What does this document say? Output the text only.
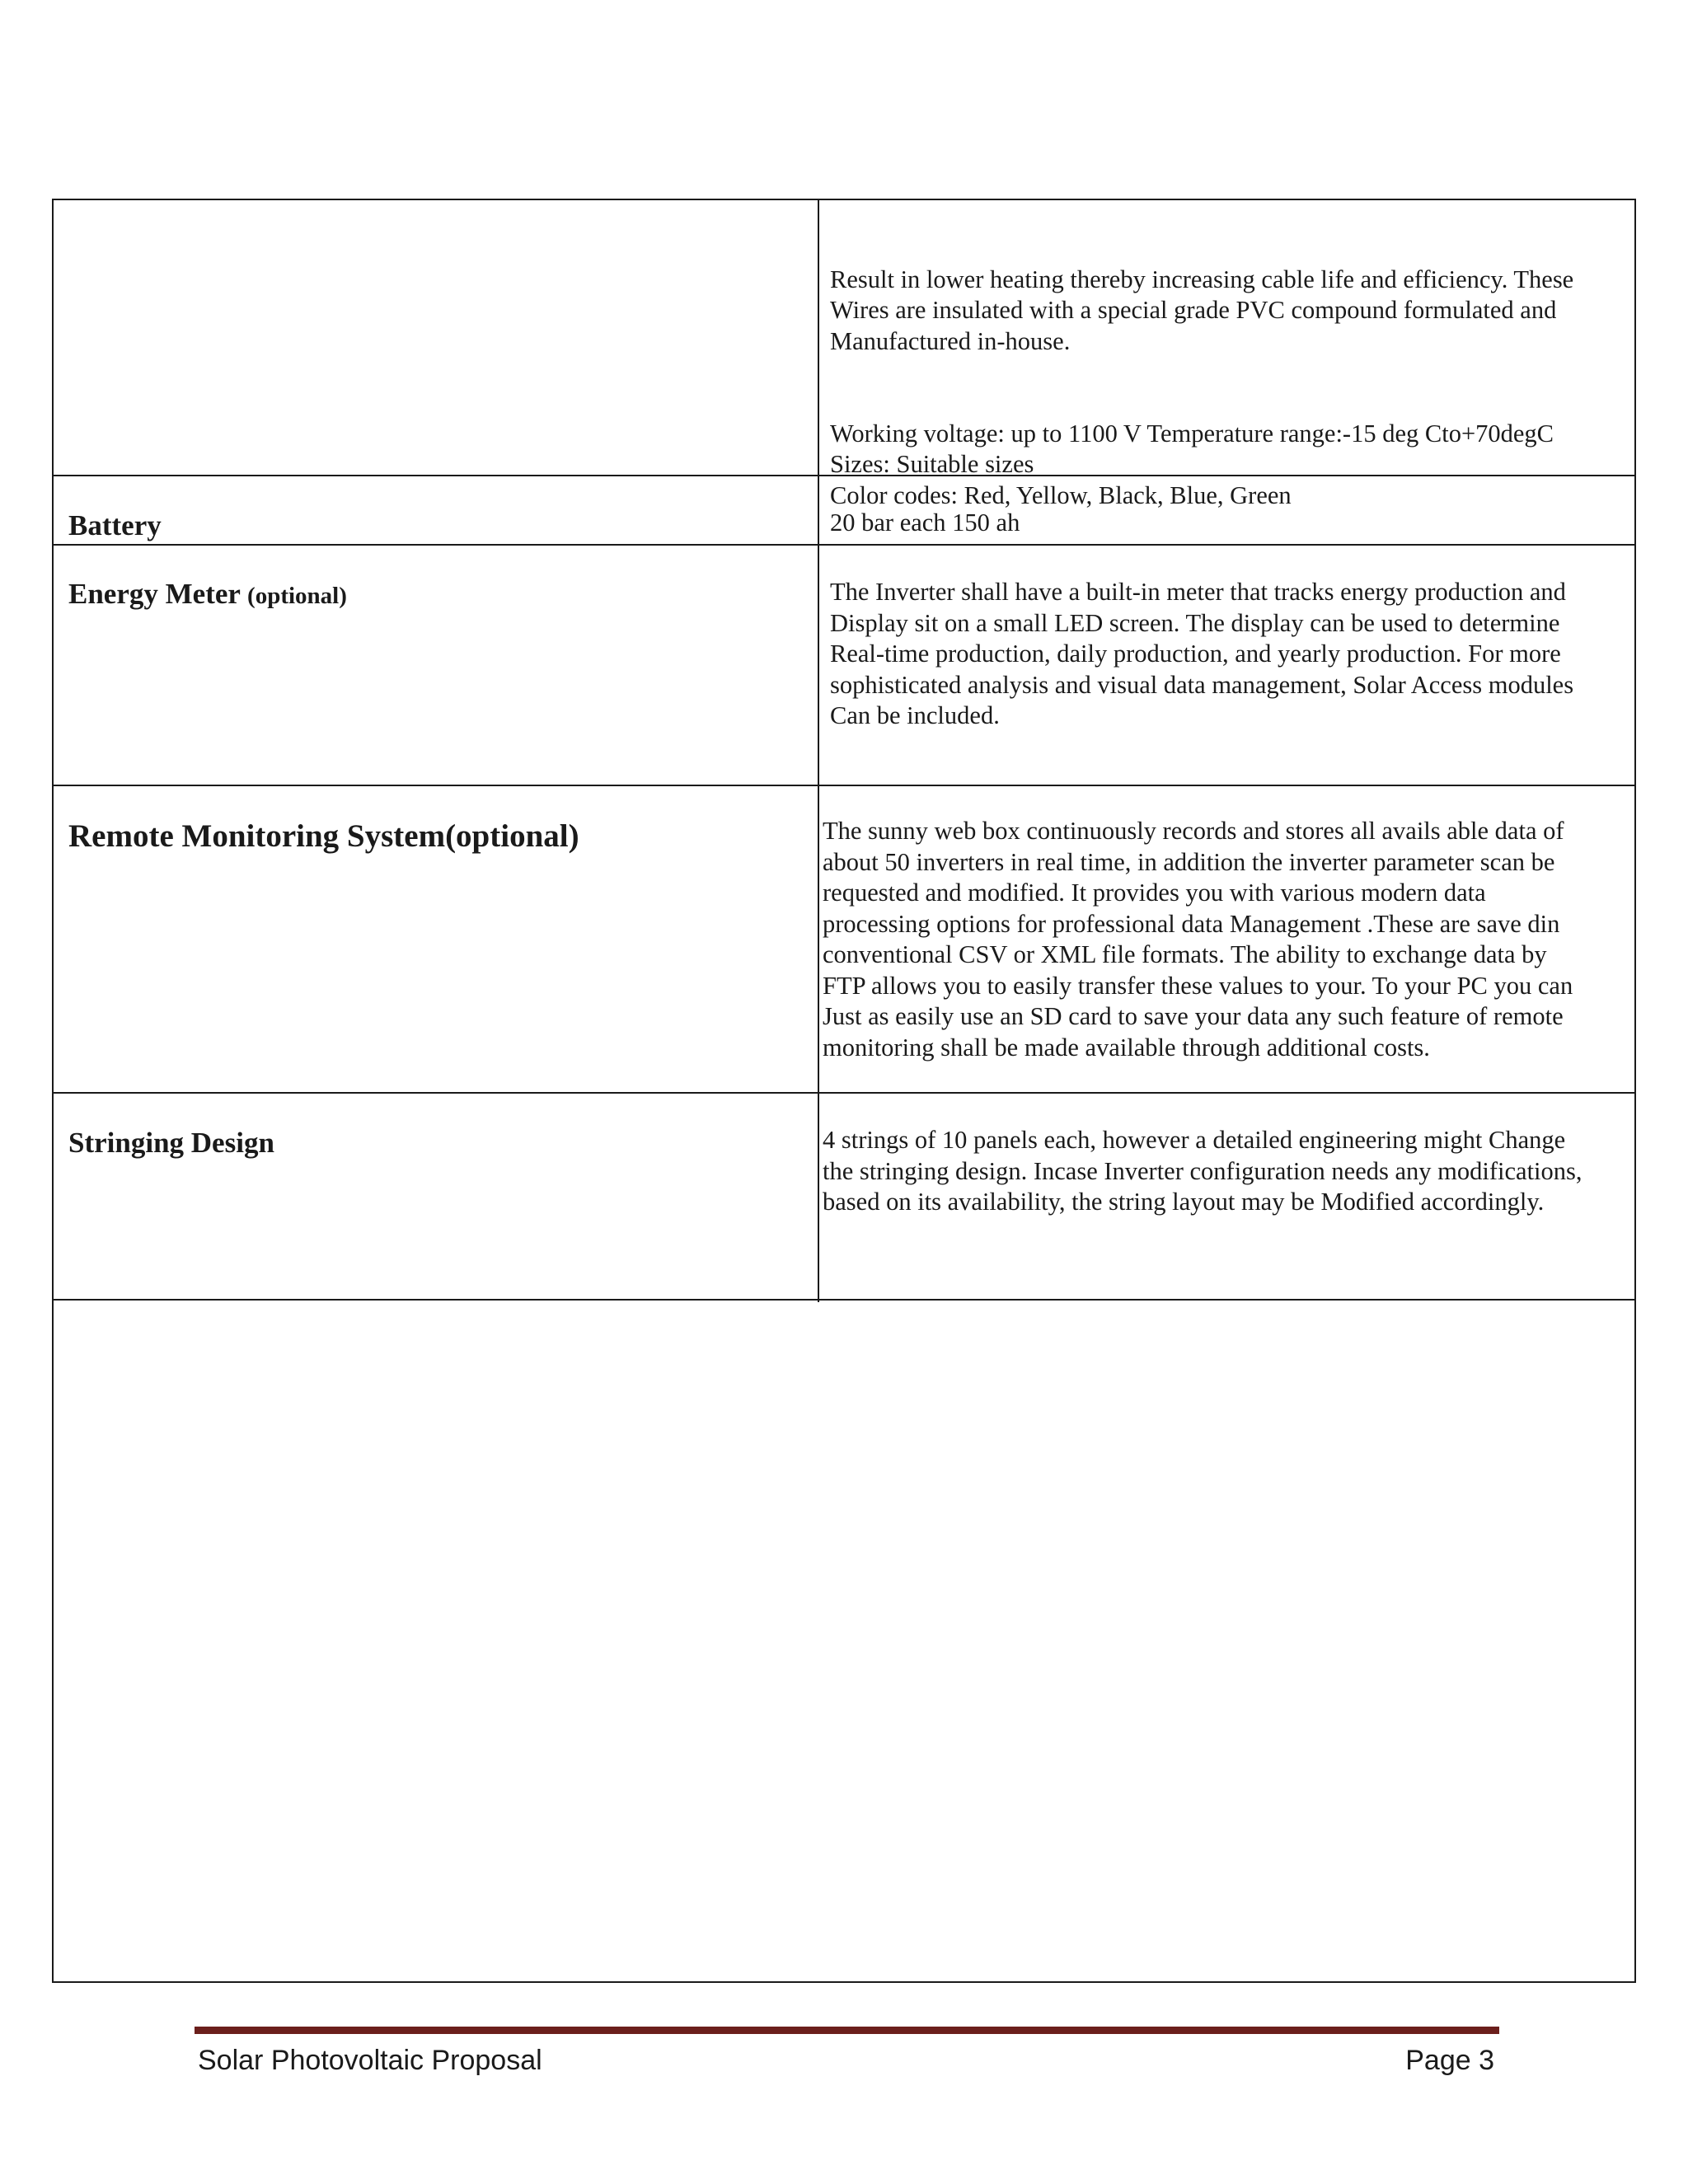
Result in lower heating thereby increasing cable life and efficiency. These
Wires are insulated with a special grade PVC compound formulated and
Manufactured in-house.

Working voltage: up to 1100 V Temperature range:-15 deg Cto+70degC
Sizes: Suitable sizes
Color codes: Red, Yellow, Black, Blue, Green

Battery	20 bar each 150 ah
Energy Meter (optional)	The Inverter shall have a built-in meter that tracks energy production and
Display sit on a small LED screen. The display can be used to determine
Real-time production, daily production, and yearly production. For more
sophisticated analysis and visual data management, Solar Access modules
Can be included.
Remote Monitoring System(optional)	The sunny web box continuously records and stores all avails able data of
about 50 inverters in real time, in addition the inverter parameter scan be
requested and modified. It provides you with various modern data
processing options for professional data Management .These are save din
conventional CSV or XML file formats. The ability to exchange data by
FTP allows you to easily transfer these values to your. To your PC you can
Just as easily use an SD card to save your data any such feature of remote
monitoring shall be made available through additional costs.
Stringing Design	4 strings of 10 panels each, however a detailed engineering might Change
the stringing design. Incase Inverter configuration needs any modifications,
based on its availability, the string layout may be Modified accordingly.
Solar Photovoltaic Proposal	Page 3
